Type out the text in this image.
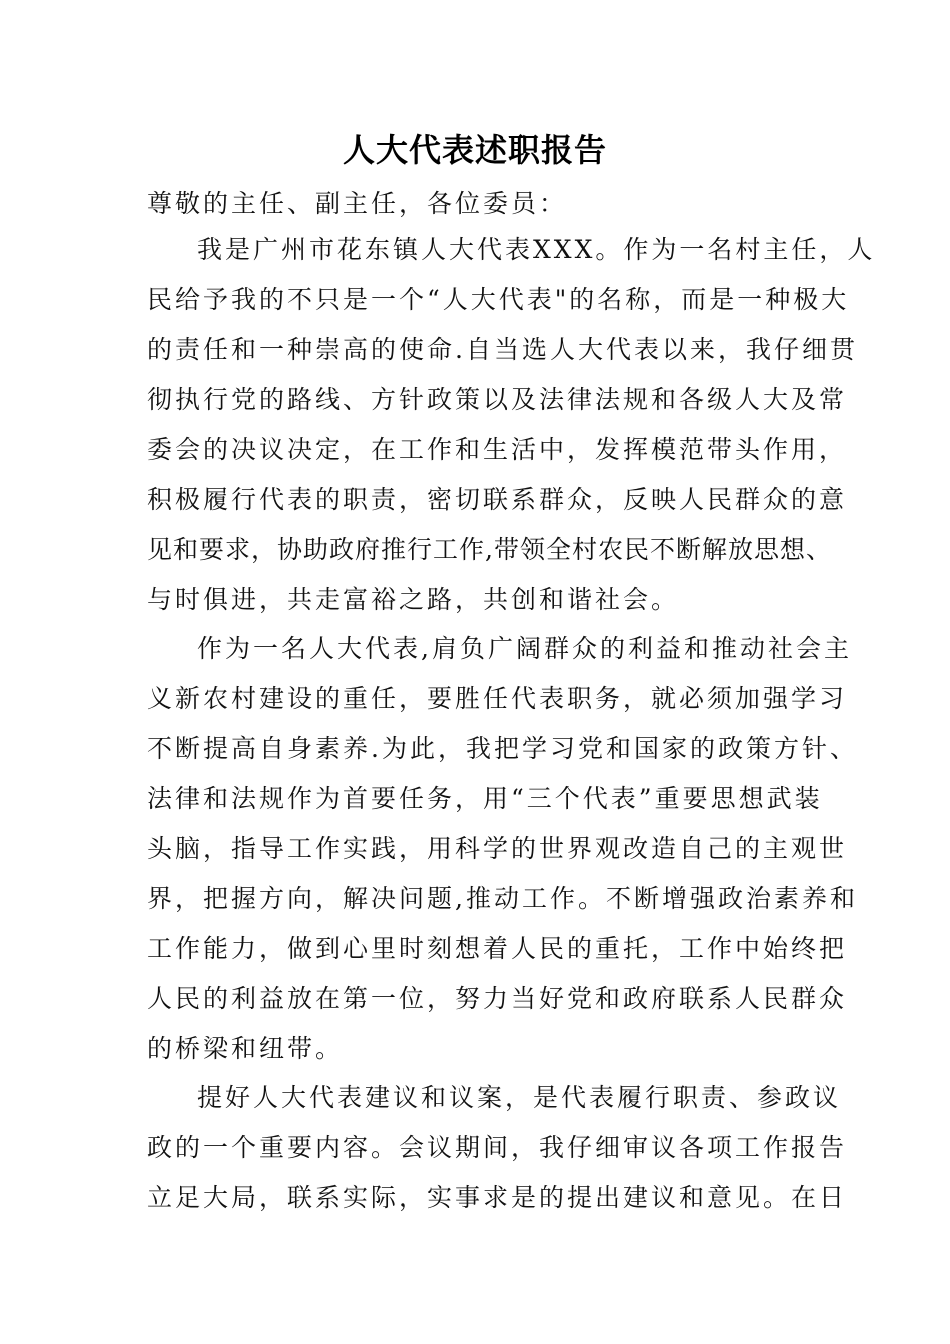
人大代表述职报告
尊敬的主任、副主任，各位委员：
我是广州市花东镇人大代表XXX。作为一名村主任，人
民给予我的不只是一个“人大代表"的名称，而是一种极大
的责任和一种崇高的使命.自当选人大代表以来，我仔细贯
彻执行党的路线、方针政策以及法律法规和各级人大及常
委会的决议决定，在工作和生活中，发挥模范带头作用，
积极履行代表的职责，密切联系群众，反映人民群众的意
见和要求，协助政府推行工作,带领全村农民不断解放思想、
与时俱进，共走富裕之路，共创和谐社会。
作为一名人大代表,肩负广阔群众的利益和推动社会主
义新农村建设的重任，要胜任代表职务，就必须加强学习
不断提高自身素养.为此，我把学习党和国家的政策方针、
法律和法规作为首要任务，用“三个代表”重要思想武装
头脑，指导工作实践，用科学的世界观改造自己的主观世
界，把握方向，解决问题,推动工作。不断增强政治素养和
工作能力，做到心里时刻想着人民的重托，工作中始终把
人民的利益放在第一位，努力当好党和政府联系人民群众
的桥梁和纽带。
提好人大代表建议和议案，是代表履行职责、参政议
政的一个重要内容。会议期间，我仔细审议各项工作报告
立足大局，联系实际，实事求是的提出建议和意见。在日
